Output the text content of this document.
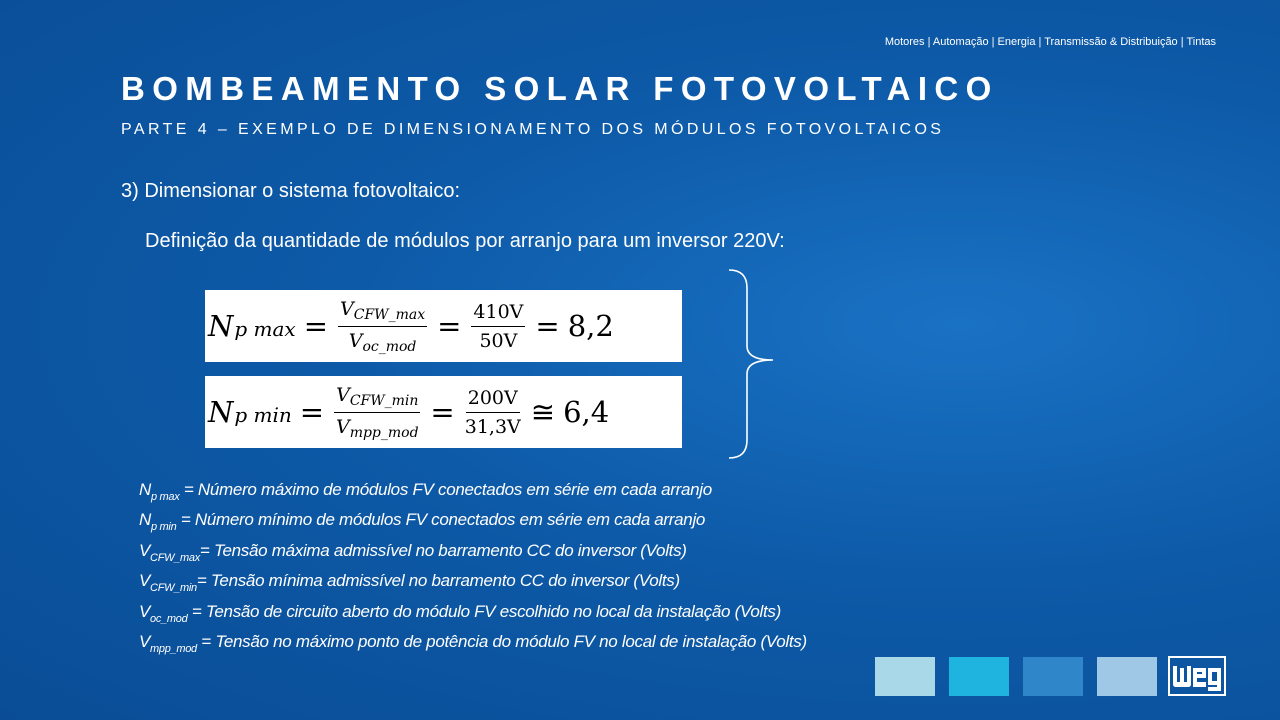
Motores | Automação | Energia | Transmissão & Distribuição | Tintas
BOMBEAMENTO SOLAR FOTOVOLTAICO
PARTE 4 – EXEMPLO DE DIMENSIONAMENTO DOS MÓDULOS FOTOVOLTAICOS
3) Dimensionar o sistema fotovoltaico:
Definição da quantidade de módulos por arranjo para um inversor 220V:
N p $\max = \frac{V_{CFW\_max}}{V_{oc\_mod}} = \frac{410V}{50V} = 8,2$
N p $\min = \frac{V_{CFW\_min}}{V_{mpp\_mod}} = \frac{200V}{31,3V}$ ≅ 6,4
$N_{p max}$ = Número máximo de módulos FV conectados em série em cada arranjo
$N_{p min}$ = Número mínimo de módulos FV conectados em série em cada arranjo
$V_{CFW\_max}=$ Tensão máxima admissível no barramento CC do inversor (Volts)
$V_{CFW\_min}=$ Tensão mínima admissível no barramento CC do inversor (Volts)
$V_{oc\_mod}$ = Tensão de circuito aberto do módulo FV escolhido no local da instalação (Volts)
$V_{mpp\_mod}$ = Tensão no máximo ponto de potência do módulo FV no local de instalação (Volts)
